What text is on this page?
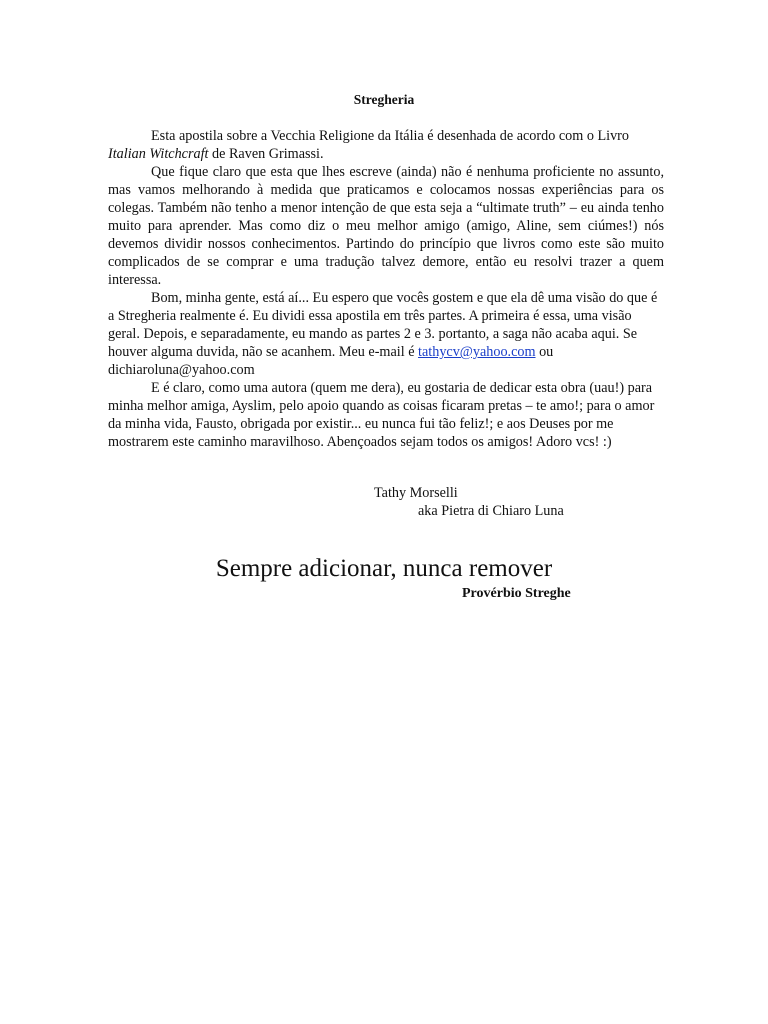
Stregheria

Esta apostila sobre a Vecchia Religione da Itália é desenhada de acordo com o Livro Italian Witchcraft de Raven Grimassi.

Que fique claro que esta que lhes escreve (ainda) não é nenhuma proficiente no assunto, mas vamos melhorando à medida que praticamos e colocamos nossas experiências para os colegas. Também não tenho a menor intenção de que esta seja a “ultimate truth” – eu ainda tenho muito para aprender. Mas como diz o meu melhor amigo (amigo, Aline, sem ciúmes!) nós devemos dividir nossos conhecimentos. Partindo do princípio que livros como este são muito complicados de se comprar e uma tradução talvez demore, então eu resolvi trazer a quem interessa.

Bom, minha gente, está aí... Eu espero que vocês gostem e que ela dê uma visão do que é a Stregheria realmente é. Eu dividi essa apostila em três partes. A primeira é essa, uma visão geral. Depois, e separadamente, eu mando as partes 2 e 3. portanto, a saga não acaba aqui. Se houver alguma duvida, não se acanhem. Meu e-mail é tathycv@yahoo.com ou dichiaroluna@yahoo.com

E é claro, como uma autora (quem me dera), eu gostaria de dedicar esta obra (uau!) para minha melhor amiga, Ayslim, pelo apoio quando as coisas ficaram pretas – te amo!; para o amor da minha vida, Fausto, obrigada por existir... eu nunca fui tão feliz!; e aos Deuses por me mostrarem este caminho maravilhoso. Abençoados sejam todos os amigos! Adoro vcs! :)

Tathy Morselli
aka Pietra di Chiaro Luna
Sempre adicionar, nunca remover
Provérbio Streghe
